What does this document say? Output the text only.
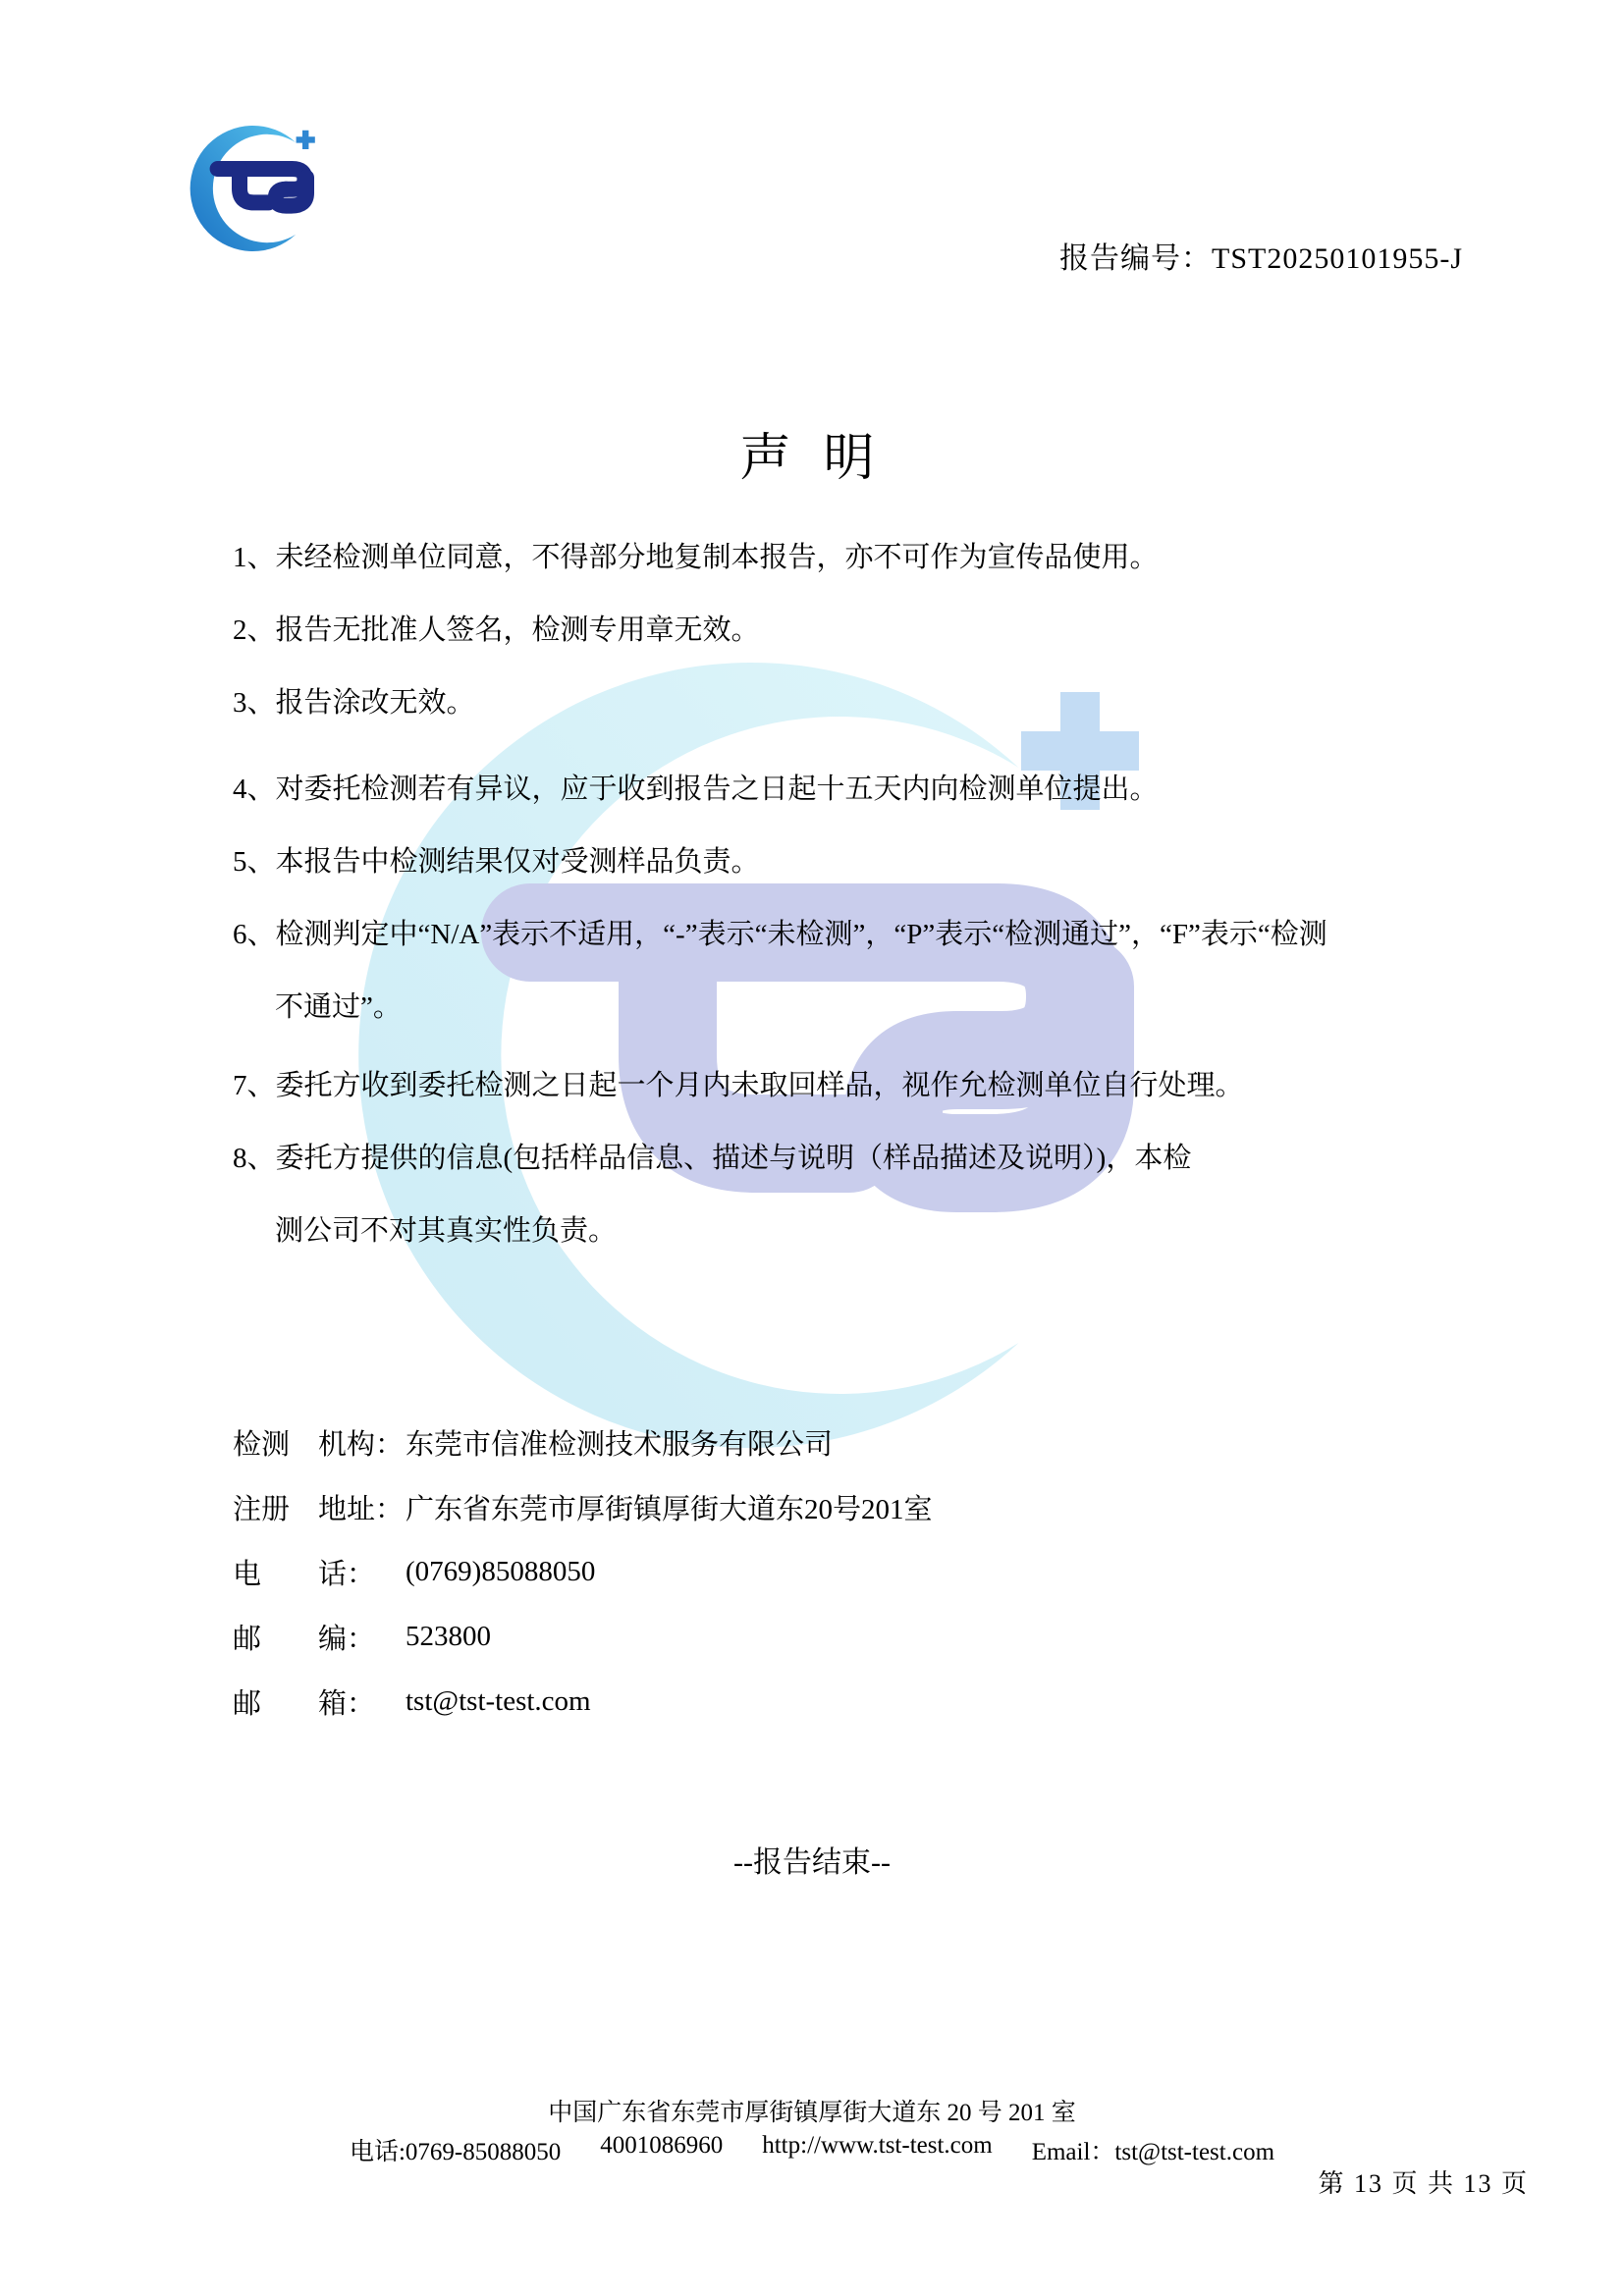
报告编号：TST20250101955-J
声 明
1、未经检测单位同意，不得部分地复制本报告，亦不可作为宣传品使用。
2、报告无批准人签名，检测专用章无效。
3、报告涂改无效。
4、对委托检测若有异议，应于收到报告之日起十五天内向检测单位提出。
5、本报告中检测结果仅对受测样品负责。
6、检测判定中“N/A”表示不适用，“-”表示“未检测”，“P”表示“检测通过”，“F”表示“检测
不通过”。
7、委托方收到委托检测之日起一个月内未取回样品，视作允检测单位自行处理。
8、委托方提供的信息(包括样品信息、描述与说明（样品描述及说明）)，本检
测公司不对其真实性负责。
检测　机构： 东莞市信准检测技术服务有限公司
注册　地址： 广东省东莞市厚街镇厚街大道东20号201室
电　　话：	(0769)85088050
邮　　编：	523800
邮　　箱：	tst@tst-test.com
--报告结束--
中国广东省东莞市厚街镇厚街大道东 20 号 201 室
电话:0769-85088050 4001086960 http://www.tst-test.com Email：tst@tst-test.com
第 13 页 共 13 页
